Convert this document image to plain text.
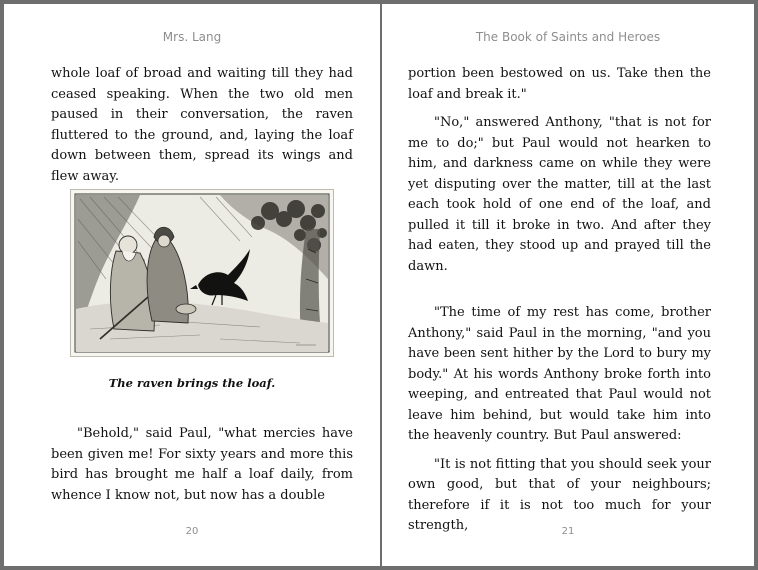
Mrs. Lang

whole loaf of broad and waiting till they had ceased speaking. When the two old men paused in their conversation, the raven fluttered to the ground, and, laying the loaf down between them, spread its wings and flew away.

The raven brings the loaf.

"Behold," said Paul, "what mercies have been given me! For sixty years and more this bird has brought me half a loaf daily, from whence I know not, but now has a double

20
The Book of Saints and Heroes

portion been bestowed on us. Take then the loaf and break it."

"No," answered Anthony, "that is not for me to do;" but Paul would not hearken to him, and darkness came on while they were yet disputing over the matter, till at the last each took hold of one end of the loaf, and pulled it till it broke in two. And after they had eaten, they stood up and prayed till the dawn.

"The time of my rest has come, brother Anthony," said Paul in the morning, "and you have been sent hither by the Lord to bury my body." At his words Anthony broke forth into weeping, and entreated that Paul would not leave him behind, but would take him into the heavenly country. But Paul answered:

"It is not fitting that you should seek your own good, but that of your neighbours; therefore if it is not too much for your strength,	21
